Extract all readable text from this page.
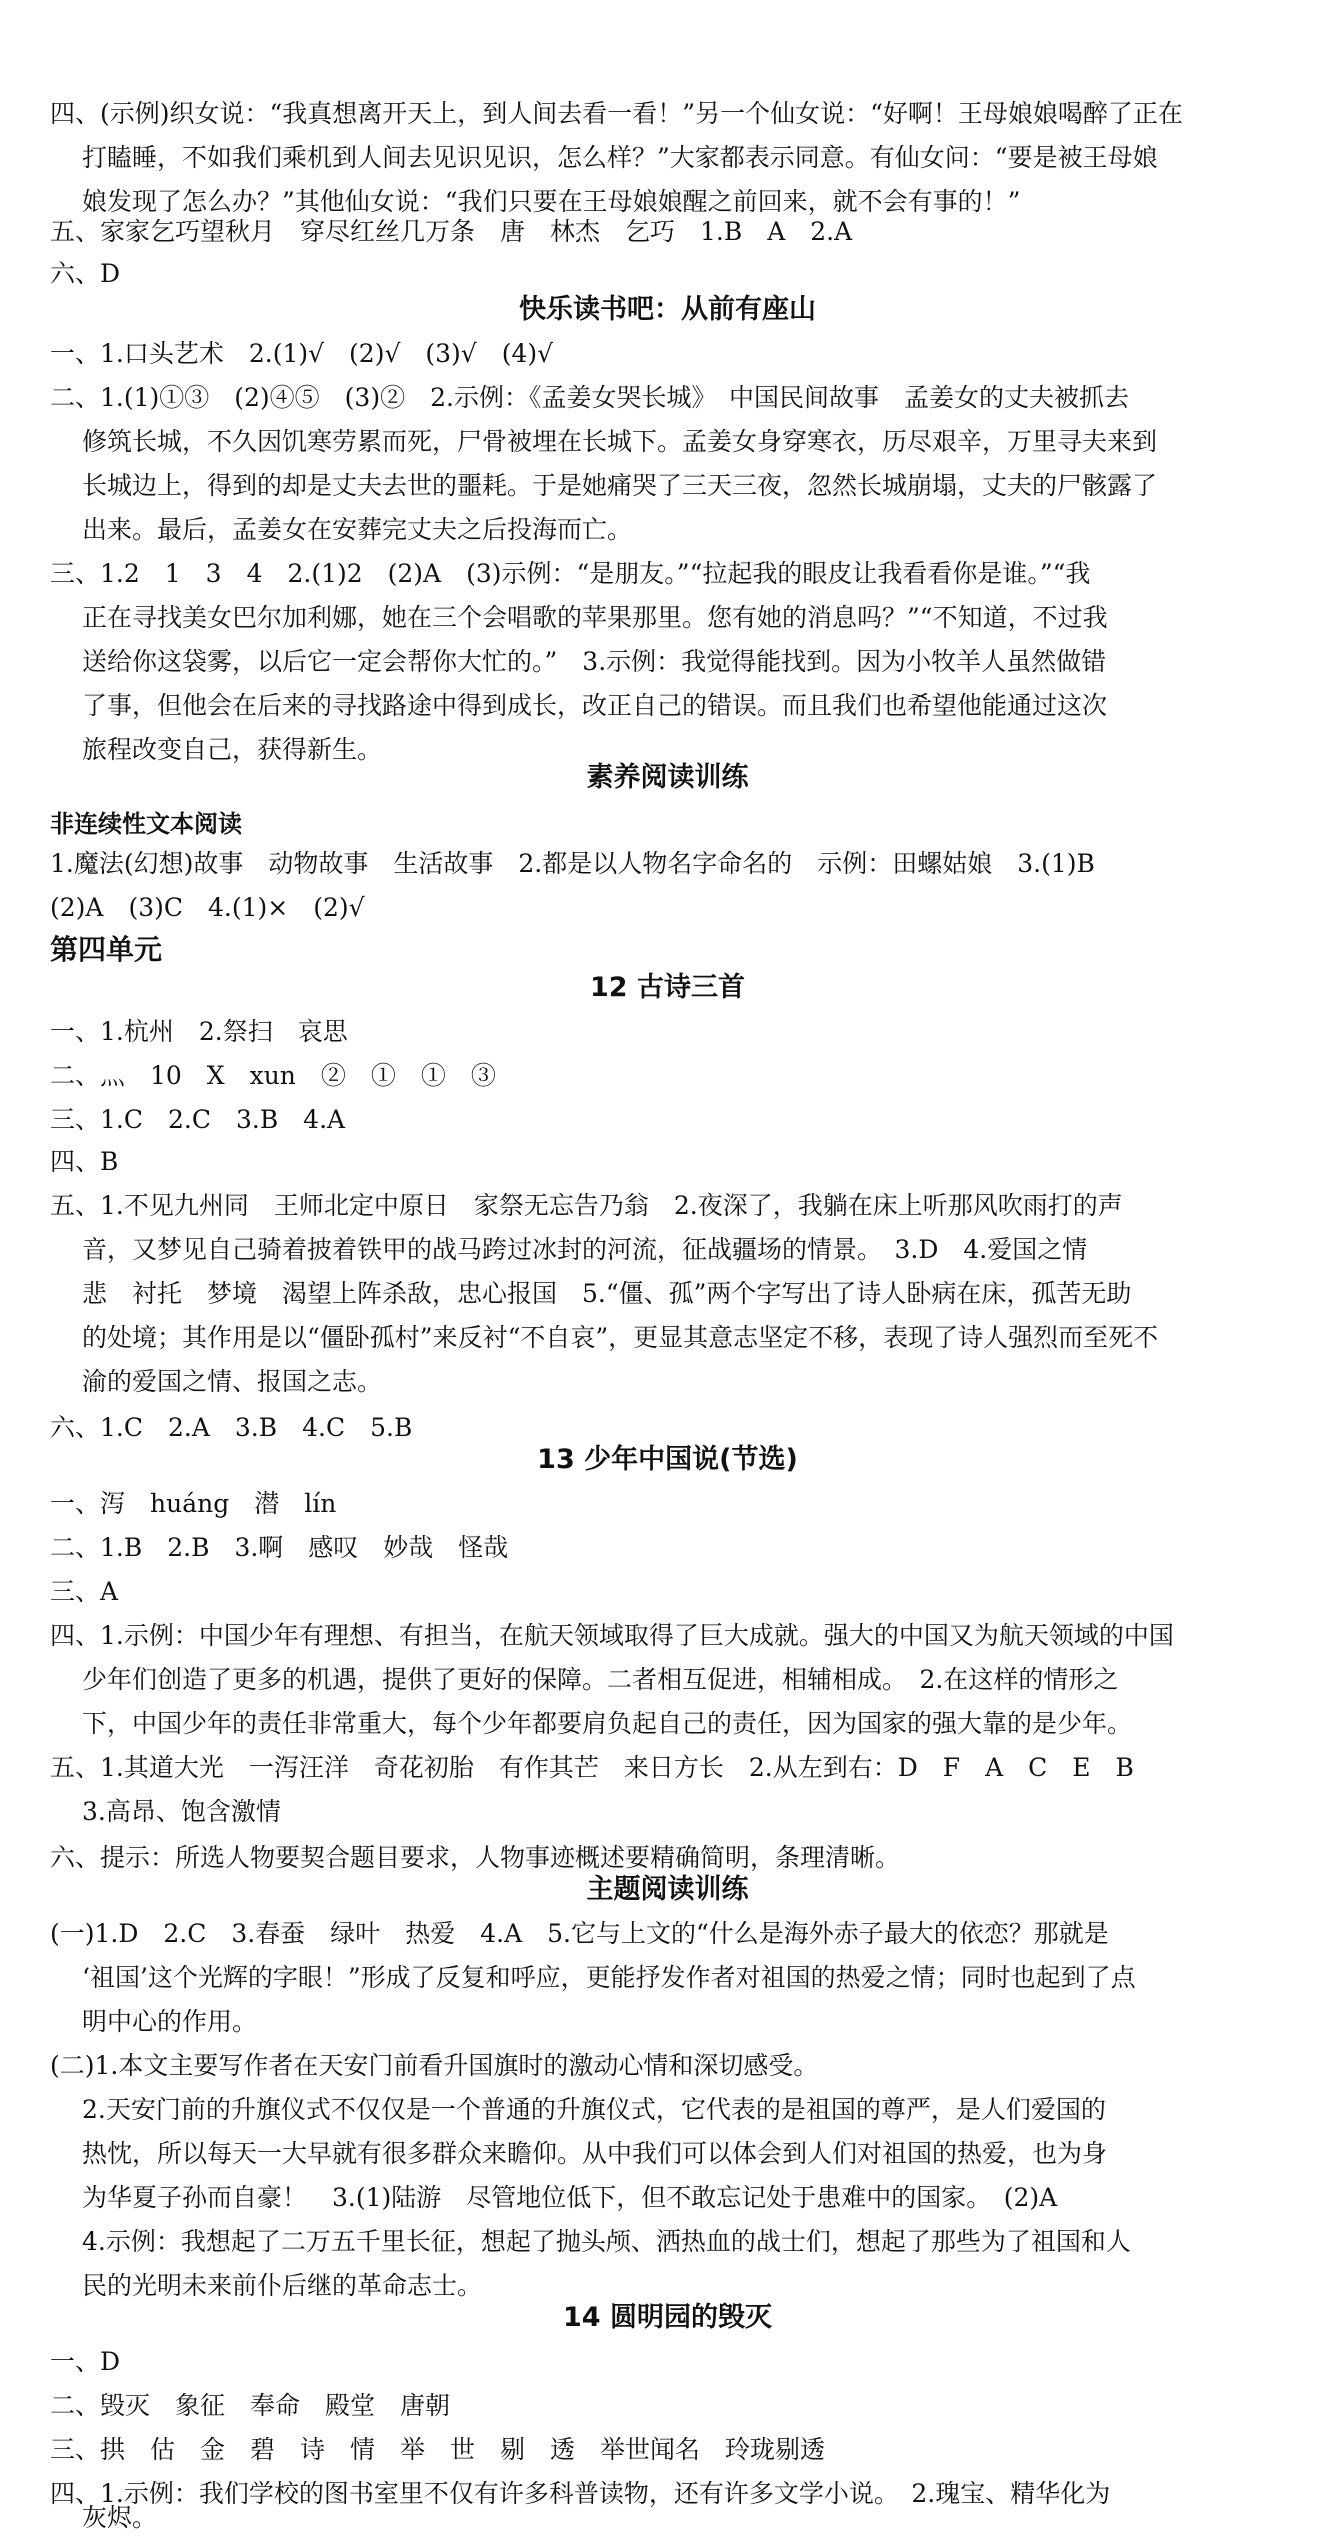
四、(示例)织女说：“我真想离开天上，到人间去看一看！”另一个仙女说：“好啊！王母娘娘喝醉了正在
打瞌睡，不如我们乘机到人间去见识见识，怎么样？”大家都表示同意。有仙女问：“要是被王母娘
娘发现了怎么办？”其他仙女说：“我们只要在王母娘娘醒之前回来，就不会有事的！”
五、家家乞巧望秋月　穿尽红丝几万条　唐　林杰　乞巧　1.B　A　2.A
六、D
快乐读书吧：从前有座山
一、1.口头艺术　2.(1)√　(2)√　(3)√　(4)√
二、1.(1)①③　(2)④⑤　(3)②　2.示例：《孟姜女哭长城》　中国民间故事　孟姜女的丈夫被抓去
修筑长城，不久因饥寒劳累而死，尸骨被埋在长城下。孟姜女身穿寒衣，历尽艰辛，万里寻夫来到
长城边上，得到的却是丈夫去世的噩耗。于是她痛哭了三天三夜，忽然长城崩塌，丈夫的尸骸露了
出来。最后，孟姜女在安葬完丈夫之后投海而亡。
三、1.2　1　3　4　2.(1)2　(2)A　(3)示例：“是朋友。”“拉起我的眼皮让我看看你是谁。”“我
正在寻找美女巴尔加利娜，她在三个会唱歌的苹果那里。您有她的消息吗？”“不知道，不过我
送给你这袋雾，以后它一定会帮你大忙的。”　3.示例：我觉得能找到。因为小牧羊人虽然做错
了事，但他会在后来的寻找路途中得到成长，改正自己的错误。而且我们也希望他能通过这次
旅程改变自己，获得新生。
素养阅读训练
非连续性文本阅读
1.魔法(幻想)故事　动物故事　生活故事　2.都是以人物名字命名的　示例：田螺姑娘　3.(1)B
(2)A　(3)C　4.(1)×　(2)√
第四单元
12 古诗三首
一、1.杭州　2.祭扫　哀思
二、灬　10　X　xun　②　①　①　③
三、1.C　2.C　3.B　4.A
四、B
五、1.不见九州同　王师北定中原日　家祭无忘告乃翁　2.夜深了，我躺在床上听那风吹雨打的声
音，又梦见自己骑着披着铁甲的战马跨过冰封的河流，征战疆场的情景。　3.D　4.爱国之情
悲　衬托　梦境　渴望上阵杀敌，忠心报国　5.“僵、孤”两个字写出了诗人卧病在床，孤苦无助
的处境；其作用是以“僵卧孤村”来反衬“不自哀”，更显其意志坚定不移，表现了诗人强烈而至死不
渝的爱国之情、报国之志。
六、1.C　2.A　3.B　4.C　5.B
13 少年中国说(节选)
一、泻　huáng　潜　lín
二、1.B　2.B　3.啊　感叹　妙哉　怪哉
三、A
四、1.示例：中国少年有理想、有担当，在航天领域取得了巨大成就。强大的中国又为航天领域的中国
少年们创造了更多的机遇，提供了更好的保障。二者相互促进，相辅相成。　2.在这样的情形之
下，中国少年的责任非常重大，每个少年都要肩负起自己的责任，因为国家的强大靠的是少年。
五、1.其道大光　一泻汪洋　奇花初胎　有作其芒　来日方长　2.从左到右：D　F　A　C　E　B
3.高昂、饱含激情
六、提示：所选人物要契合题目要求，人物事迹概述要精确简明，条理清晰。
主题阅读训练
(一)1.D　2.C　3.春蚕　绿叶　热爱　4.A　5.它与上文的“什么是海外赤子最大的依恋？那就是
‘祖国’这个光辉的字眼！”形成了反复和呼应，更能抒发作者对祖国的热爱之情；同时也起到了点
明中心的作用。
(二)1.本文主要写作者在天安门前看升国旗时的激动心情和深切感受。
2.天安门前的升旗仪式不仅仅是一个普通的升旗仪式，它代表的是祖国的尊严，是人们爱国的
热忱，所以每天一大早就有很多群众来瞻仰。从中我们可以体会到人们对祖国的热爱，也为身
为华夏子孙而自豪！　3.(1)陆游　尽管地位低下，但不敢忘记处于患难中的国家。　(2)A
4.示例：我想起了二万五千里长征，想起了抛头颅、洒热血的战士们，想起了那些为了祖国和人
民的光明未来前仆后继的革命志士。
14 圆明园的毁灭
一、D
二、毁灭　象征　奉命　殿堂　唐朝
三、拱　估　金　碧　诗　情　举　世　剔　透　举世闻名　玲珑剔透
四、1.示例：我们学校的图书室里不仅有许多科普读物，还有许多文学小说。　2.瑰宝、精华化为
灰烬。
